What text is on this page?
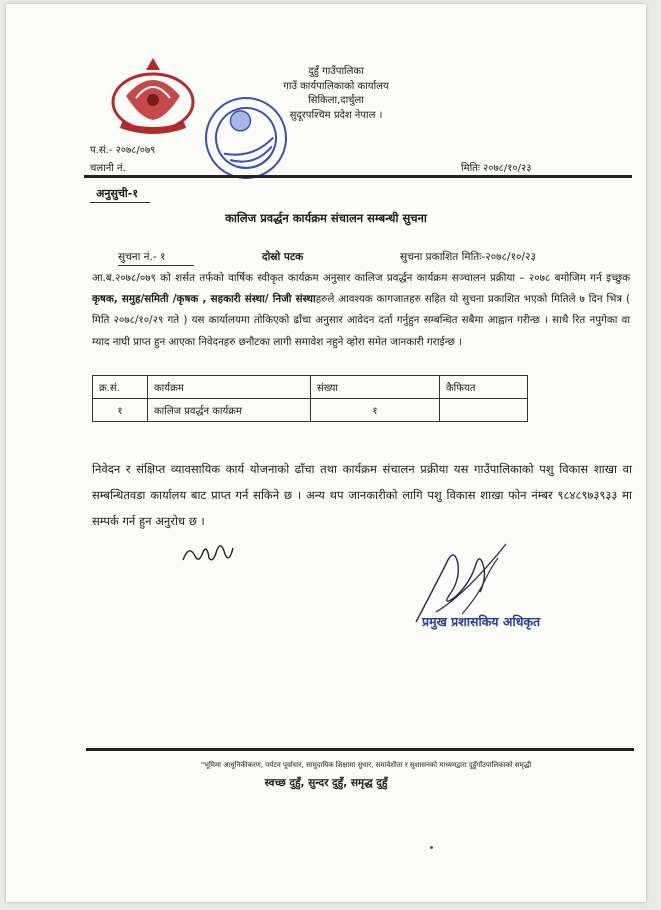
दुहुँ गाउँपालिका
गाउँ कार्यपालिकाको कार्यालय
सिकिला,दार्चुला
सुदूरपश्चिम प्रदेश नेपाल ।
प.सं.- २०७८/०७९
चलानी नं.	मितिः २०७८/१०/२३
अनुसुची-१
कालिज प्रवर्द्धन कार्यक्रम संचालन सम्बन्धी सुचना
सुचना नं.- १	दोस्रो पटक	सुचना प्रकाशित मितिः-२०७८/१०/२३
आ.ब.२०७८/०७९ को शर्सत तर्फको वार्षिक स्वीकृत कार्यक्रम अनुसार कालिज प्रवर्द्धन कार्यक्रम सञ्चालन प्रक्रीया – २०७८ बमोजिम गर्न इच्छुक कृषक, समुह/समिती /कृषक , सहकारी संस्था/ निजी संस्थाहरुले आवश्यक कागजातहरु सहित यो सुचना प्रकाशित भएको मितिले ७ दिन भित्र ( मिति २०७८/१०/२९ गते ) यस कार्यालयमा तोकिएको ढाँचा अनुसार आवेदन दर्ता गर्नुहुन सम्बन्धित सबैमा आह्वान गरीन्छ । साथै रित नपुगेका वा म्याद नाघी प्राप्त हुन आएका निवेदनहरु छनौटका लागी समावेश नहुने व्होरा समेत जानकारी गराईन्छ ।
क्र.सं.	कार्यक्रम	संख्या	कैफियत
१	कालिज प्रवर्द्धन कार्यक्रम	१	
निवेदन र संक्षिप्त व्यावसायिक कार्य योजनाको ढाँचा तथा कार्यक्रम संचालन प्रक्रीया यस गाउँपालिकाको पशु विकास शाखा वा सम्बन्धितवडा कार्यालय बाट प्राप्त गर्न सकिने छ । अन्य थप जानकारीको लागि पशु विकास शाखा फोन नंम्बर ९८४८९७३९३३ मा सम्पर्क गर्न हुन अनुरोध छ ।
प्रमुख प्रशासकिय अधिकृत
"भूमिमा आधुनिकीकरण, पर्यटन पूर्वाधार, सामुदायिक शिक्षामा सुधार, समावेशीता र सुशासनको माध्यमद्वारा दुहुँगाँउपालिकाको समृद्धी
स्वच्छ दुहुँ, सुन्दर दुहुँ, समृद्ध दुहुँ
